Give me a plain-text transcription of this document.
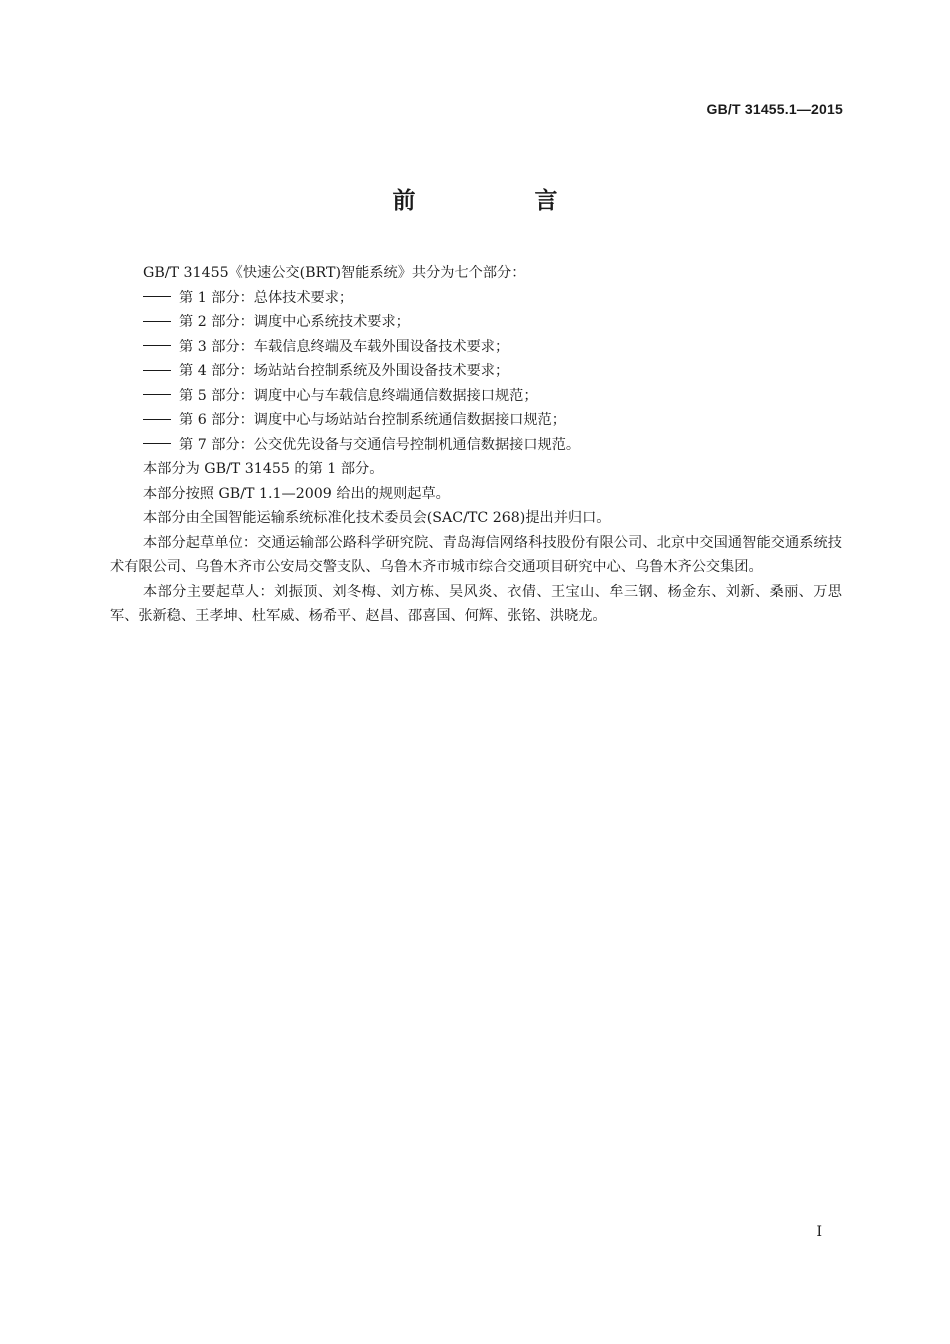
GB/T 31455.1—2015
前　言

GB/T 31455《快速公交(BRT)智能系统》共分为七个部分：

第 1 部分：总体技术要求；

第 2 部分：调度中心系统技术要求；

第 3 部分：车载信息终端及车载外围设备技术要求；

第 4 部分：场站站台控制系统及外围设备技术要求；

第 5 部分：调度中心与车载信息终端通信数据接口规范；

第 6 部分：调度中心与场站站台控制系统通信数据接口规范；

第 7 部分：公交优先设备与交通信号控制机通信数据接口规范。

本部分为 GB/T 31455 的第 1 部分。

本部分按照 GB/T 1.1—2009 给出的规则起草。

本部分由全国智能运输系统标准化技术委员会(SAC/TC 268)提出并归口。

本部分起草单位：交通运输部公路科学研究院、青岛海信网络科技股份有限公司、北京中交国通智能交通系统技术有限公司、乌鲁木齐市公安局交警支队、乌鲁木齐市城市综合交通项目研究中心、乌鲁木齐公交集团。

本部分主要起草人：刘振顶、刘冬梅、刘方栋、吴风炎、衣倩、王宝山、牟三钢、杨金东、刘新、桑丽、万思军、张新稳、王孝坤、杜军威、杨希平、赵昌、邵喜国、何辉、张铭、洪晓龙。

I
